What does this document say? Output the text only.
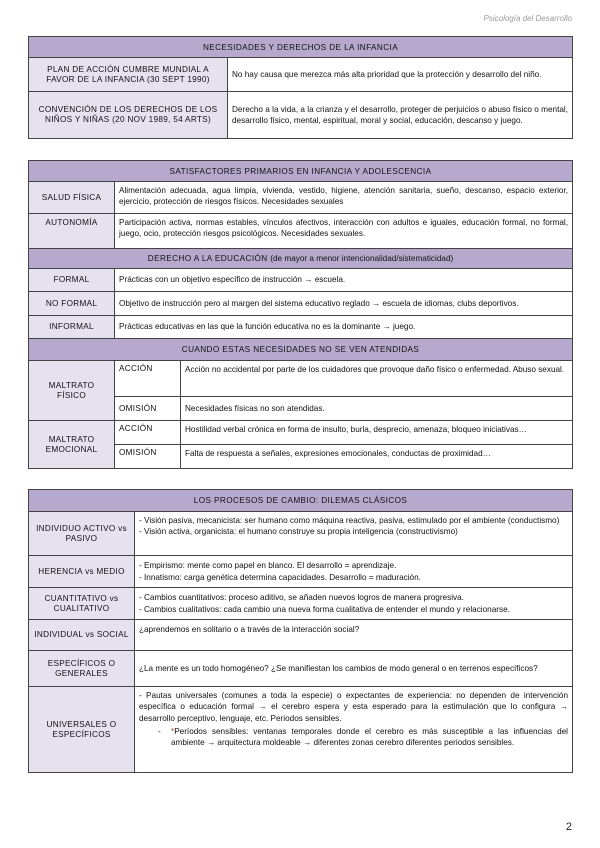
Psicología del Desarrollo
NECESIDADES Y DERECHOS DE LA INFANCIA	
PLAN DE ACCIÓN CUMBRE MUNDIAL A FAVOR DE LA INFANCIA (30 SEPT 1990)	No hay causa que merezca más alta prioridad que la protección y desarrollo del niño.
CONVENCIÓN DE LOS DERECHOS DE LOS NIÑOS Y NIÑAS (20 NOV 1989, 54 ARTS)	Derecho a la vida, a la crianza y el desarrollo, proteger de perjuicios o abuso físico o mental, desarrollo físico, mental, espiritual, moral y social, educación, descanso y juego.
SATISFACTORES PRIMARIOS EN INFANCIA Y ADOLESCENCIA		
SALUD FÍSICA	Alimentación adecuada, agua limpia, vivienda, vestido, higiene, atención sanitaria, sueño, descanso, espacio exterior, ejercicio, protección de riesgos físicos. Necesidades sexuales	
AUTONOMÍA	Participación activa, normas estables, vínculos afectivos, interacción con adultos e iguales, educación formal, no formal, juego, ocio, protección riesgos psicológicos. Necesidades sexuales.	
DERECHO A LA EDUCACIÓN (de mayor a menor intencionalidad/sistematicidad)		
FORMAL	Prácticas con un objetivo específico de instrucción → escuela.	
NO FORMAL	Objetivo de instrucción pero al margen del sistema educativo reglado → escuela de idiomas, clubs deportivos.	
INFORMAL	Prácticas educativas en las que la función educativa no es la dominante → juego.	
CUANDO ESTAS NECESIDADES NO SE VEN ATENDIDAS		
MALTRATO FÍSICO	ACCIÓN	Acción no accidental por parte de los cuidadores que provoque daño físico o enfermedad. Abuso sexual.
	OMISIÓN	Necesidades físicas no son atendidas.
MALTRATO EMOCIONAL	ACCIÓN	Hostilidad verbal crónica en forma de insulto, burla, desprecio, amenaza, bloqueo iniciativas…
	OMISIÓN	Falta de respuesta a señales, expresiones emocionales, conductas de proximidad…
LOS PROCESOS DE CAMBIO: DILEMAS CLÁSICOS	
INDIVIDUO ACTIVO vs PASIVO	- Visión pasiva, mecanicista: ser humano como máquina reactiva, pasiva, estimulado por el ambiente (conductismo)

- Visión activa, organicista: el humano construye su propia inteligencia (constructivismo)

HERENCIA vs MEDIO	- Empirismo: mente como papel en blanco. El desarrollo = aprendizaje.

- Innatismo: carga genética determina capacidades. Desarrollo = maduración.

CUANTITATIVO vs CUALITATIVO	- Cambios cuantitativos: proceso aditivo, se añaden nuevos logros de manera progresiva.

- Cambios cualitativos: cada cambio una nueva forma cualitativa de entender el mundo y relacionarse.

INDIVIDUAL vs SOCIAL	¿aprendemos en solitario o a través de la interacción social?
ESPECÍFICOS O GENERALES	¿La mente es un todo homogéneo? ¿Se manifiestan los cambios de modo general o en terrenos específicos?
UNIVERSALES O ESPECÍFICOS	- Pautas universales (comunes a toda la especie) o expectantes de experiencia: no dependen de intervención específica o educación formal → el cerebro espera y esta esperado para la estimulación que lo configura → desarrollo perceptivo, lenguaje, etc. Periodos sensibles.

- *Períodos sensibles: ventanas temporales donde el cerebro es más susceptible a las influencias del ambiente → arquitectura moldeable → diferentes zonas cerebro diferentes periodos sensibles.

2
